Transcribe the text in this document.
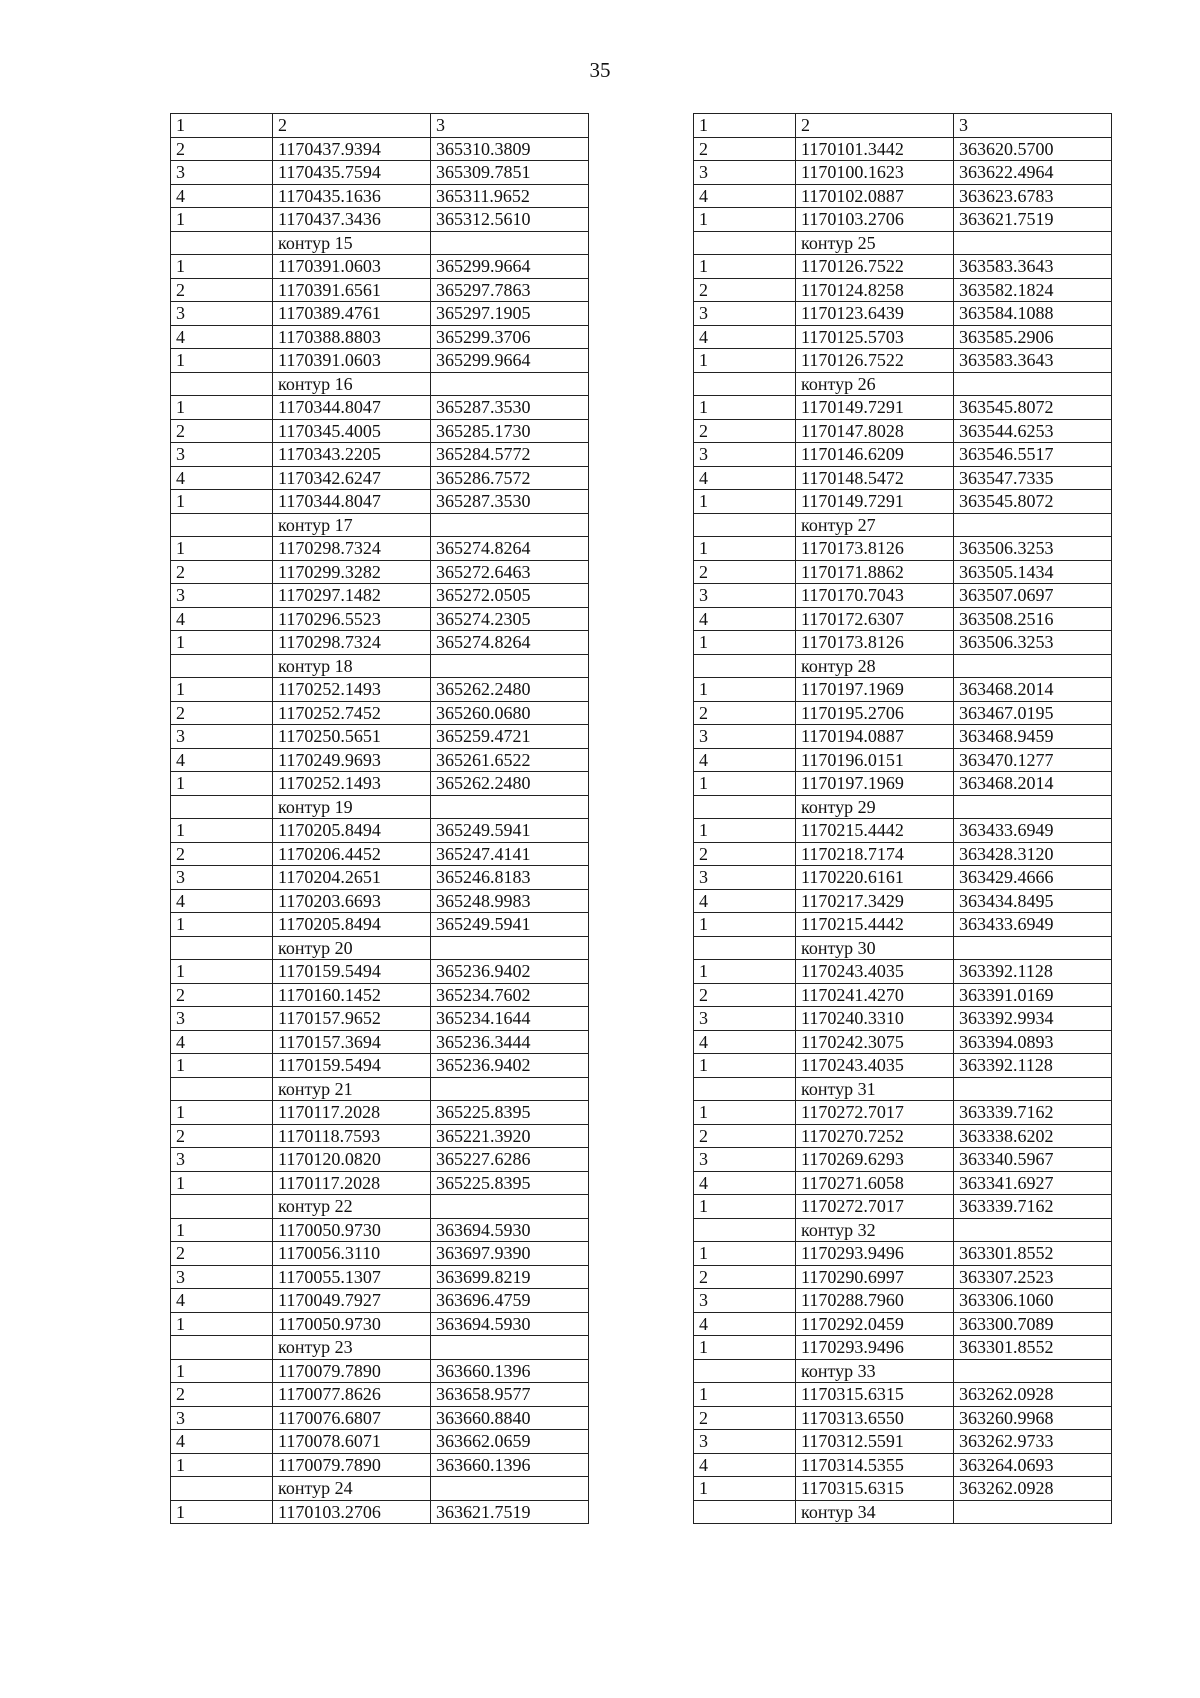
35
1	2	3
2	1170437.9394	365310.3809
3	1170435.7594	365309.7851
4	1170435.1636	365311.9652
1	1170437.3436	365312.5610
	контур 15	
1	1170391.0603	365299.9664
2	1170391.6561	365297.7863
3	1170389.4761	365297.1905
4	1170388.8803	365299.3706
1	1170391.0603	365299.9664
	контур 16	
1	1170344.8047	365287.3530
2	1170345.4005	365285.1730
3	1170343.2205	365284.5772
4	1170342.6247	365286.7572
1	1170344.8047	365287.3530
	контур 17	
1	1170298.7324	365274.8264
2	1170299.3282	365272.6463
3	1170297.1482	365272.0505
4	1170296.5523	365274.2305
1	1170298.7324	365274.8264
	контур 18	
1	1170252.1493	365262.2480
2	1170252.7452	365260.0680
3	1170250.5651	365259.4721
4	1170249.9693	365261.6522
1	1170252.1493	365262.2480
	контур 19	
1	1170205.8494	365249.5941
2	1170206.4452	365247.4141
3	1170204.2651	365246.8183
4	1170203.6693	365248.9983
1	1170205.8494	365249.5941
	контур 20	
1	1170159.5494	365236.9402
2	1170160.1452	365234.7602
3	1170157.9652	365234.1644
4	1170157.3694	365236.3444
1	1170159.5494	365236.9402
	контур 21	
1	1170117.2028	365225.8395
2	1170118.7593	365221.3920
3	1170120.0820	365227.6286
1	1170117.2028	365225.8395
	контур 22	
1	1170050.9730	363694.5930
2	1170056.3110	363697.9390
3	1170055.1307	363699.8219
4	1170049.7927	363696.4759
1	1170050.9730	363694.5930
	контур 23	
1	1170079.7890	363660.1396
2	1170077.8626	363658.9577
3	1170076.6807	363660.8840
4	1170078.6071	363662.0659
1	1170079.7890	363660.1396
	контур 24	
1	1170103.2706	363621.7519
1	2	3
2	1170101.3442	363620.5700
3	1170100.1623	363622.4964
4	1170102.0887	363623.6783
1	1170103.2706	363621.7519
	контур 25	
1	1170126.7522	363583.3643
2	1170124.8258	363582.1824
3	1170123.6439	363584.1088
4	1170125.5703	363585.2906
1	1170126.7522	363583.3643
	контур 26	
1	1170149.7291	363545.8072
2	1170147.8028	363544.6253
3	1170146.6209	363546.5517
4	1170148.5472	363547.7335
1	1170149.7291	363545.8072
	контур 27	
1	1170173.8126	363506.3253
2	1170171.8862	363505.1434
3	1170170.7043	363507.0697
4	1170172.6307	363508.2516
1	1170173.8126	363506.3253
	контур 28	
1	1170197.1969	363468.2014
2	1170195.2706	363467.0195
3	1170194.0887	363468.9459
4	1170196.0151	363470.1277
1	1170197.1969	363468.2014
	контур 29	
1	1170215.4442	363433.6949
2	1170218.7174	363428.3120
3	1170220.6161	363429.4666
4	1170217.3429	363434.8495
1	1170215.4442	363433.6949
	контур 30	
1	1170243.4035	363392.1128
2	1170241.4270	363391.0169
3	1170240.3310	363392.9934
4	1170242.3075	363394.0893
1	1170243.4035	363392.1128
	контур 31	
1	1170272.7017	363339.7162
2	1170270.7252	363338.6202
3	1170269.6293	363340.5967
4	1170271.6058	363341.6927
1	1170272.7017	363339.7162
	контур 32	
1	1170293.9496	363301.8552
2	1170290.6997	363307.2523
3	1170288.7960	363306.1060
4	1170292.0459	363300.7089
1	1170293.9496	363301.8552
	контур 33	
1	1170315.6315	363262.0928
2	1170313.6550	363260.9968
3	1170312.5591	363262.9733
4	1170314.5355	363264.0693
1	1170315.6315	363262.0928
	контур 34	
